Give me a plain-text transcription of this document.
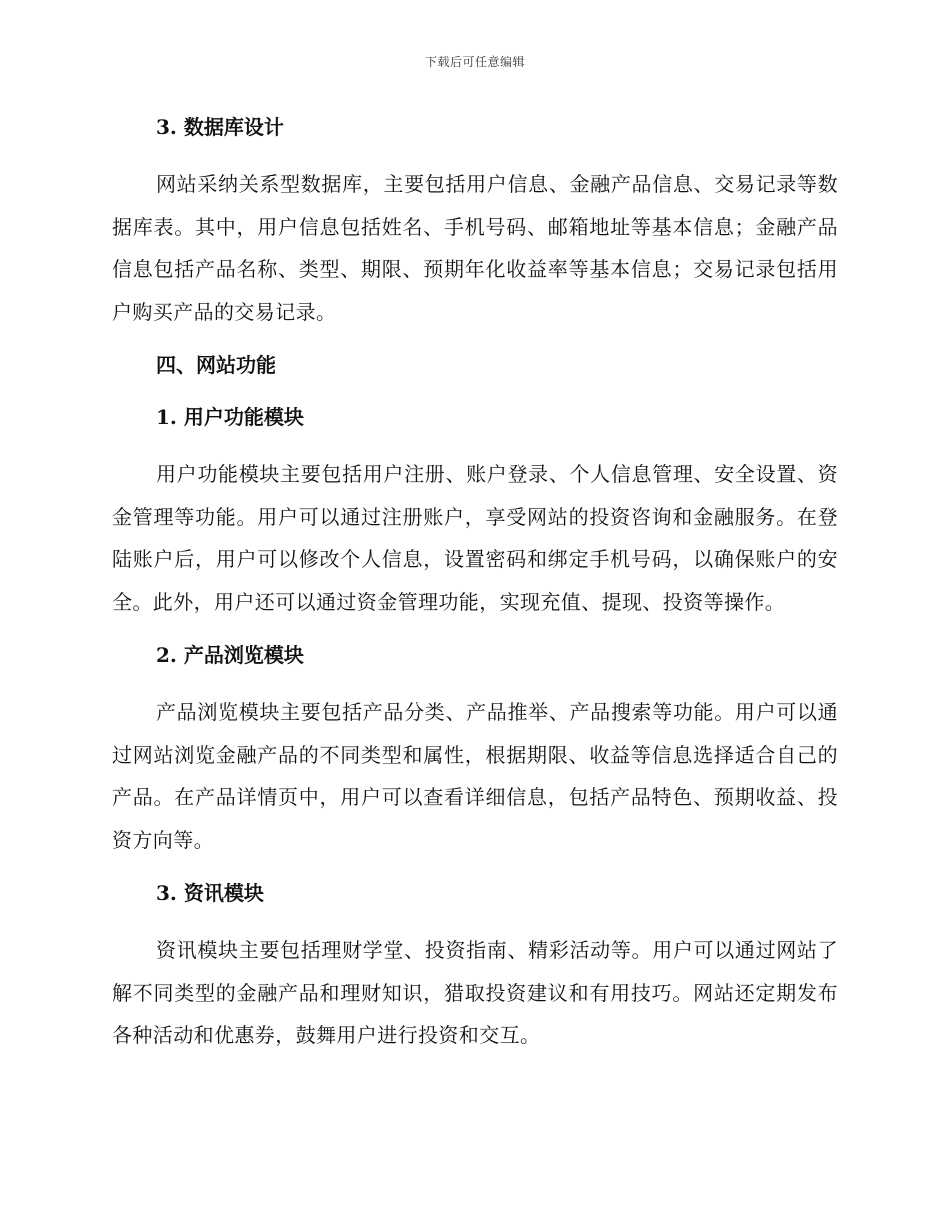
下载后可任意编辑
3. 数据库设计

网站采纳关系型数据库，主要包括用户信息、金融产品信息、交易记录等数据库表。其中，用户信息包括姓名、手机号码、邮箱地址等基本信息；金融产品信息包括产品名称、类型、期限、预期年化收益率等基本信息；交易记录包括用户购买产品的交易记录。

四、网站功能
1. 用户功能模块

用户功能模块主要包括用户注册、账户登录、个人信息管理、安全设置、资金管理等功能。用户可以通过注册账户，享受网站的投资咨询和金融服务。在登陆账户后，用户可以修改个人信息，设置密码和绑定手机号码，以确保账户的安全。此外，用户还可以通过资金管理功能，实现充值、提现、投资等操作。

2. 产品浏览模块

产品浏览模块主要包括产品分类、产品推举、产品搜索等功能。用户可以通过网站浏览金融产品的不同类型和属性，根据期限、收益等信息选择适合自己的产品。在产品详情页中，用户可以查看详细信息，包括产品特色、预期收益、投资方向等。

3. 资讯模块

资讯模块主要包括理财学堂、投资指南、精彩活动等。用户可以通过网站了解不同类型的金融产品和理财知识，猎取投资建议和有用技巧。网站还定期发布各种活动和优惠券，鼓舞用户进行投资和交互。
